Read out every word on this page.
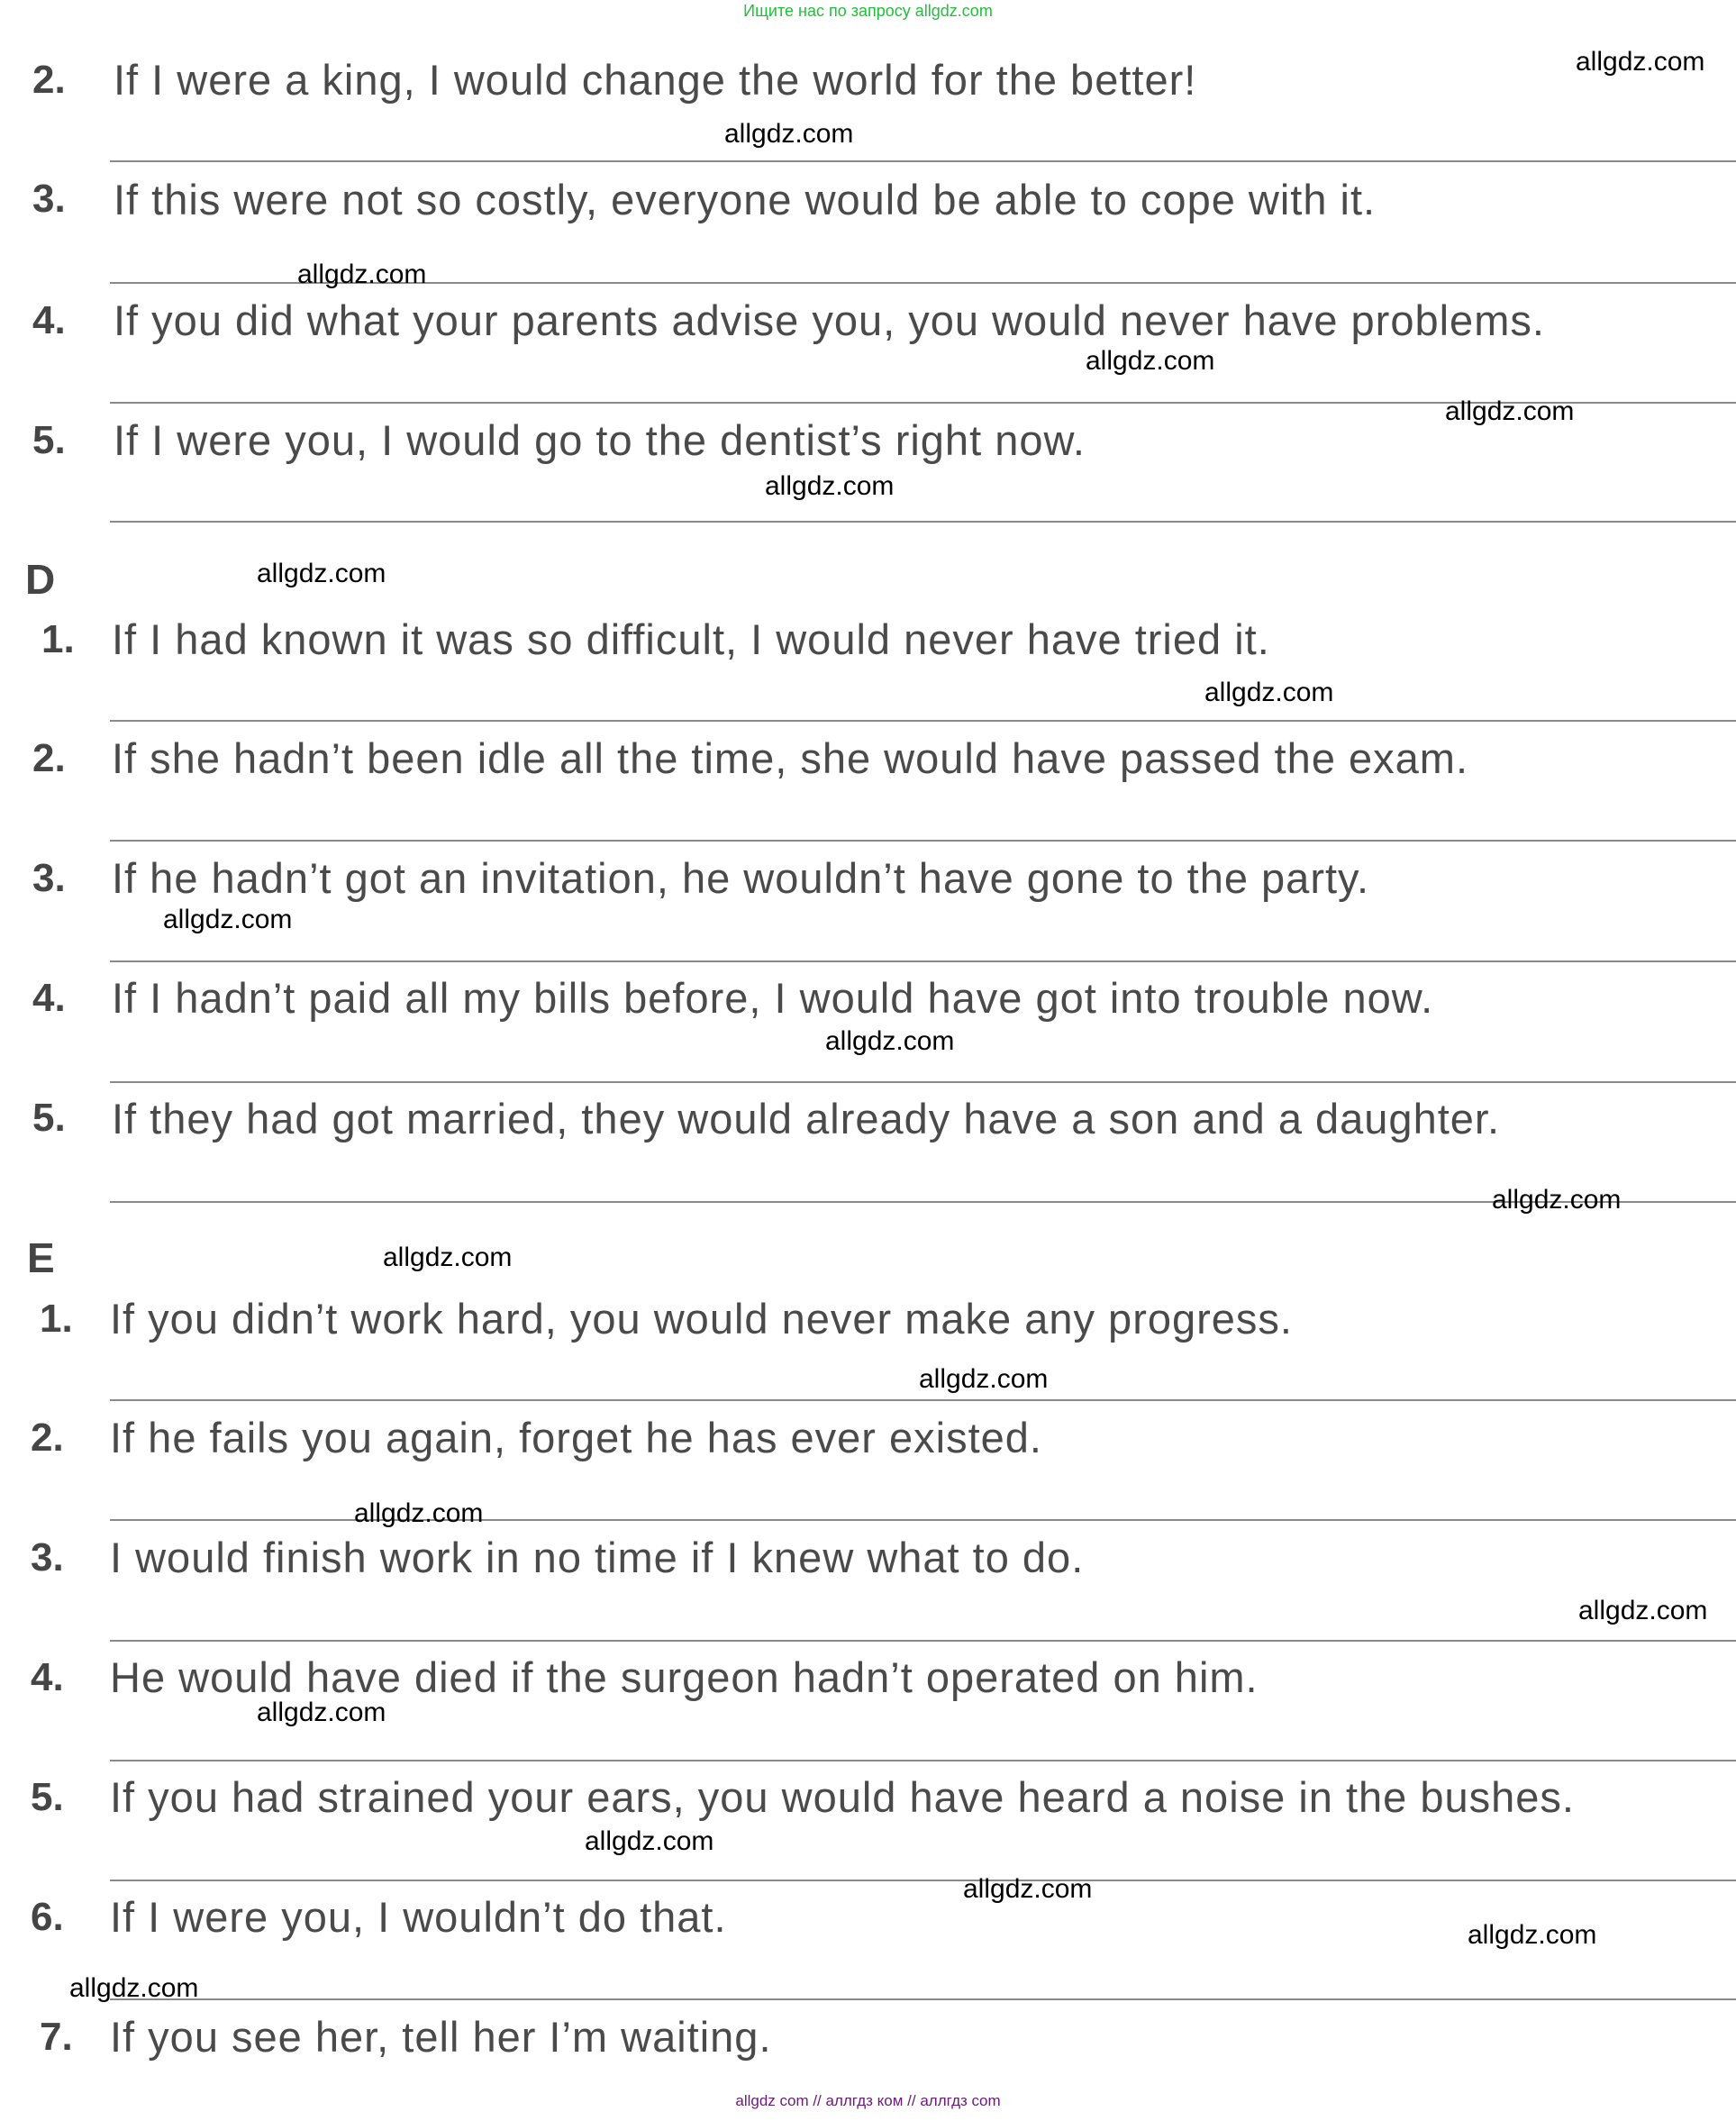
Ищите нас по запросу allgdz.com
2. If I were a king, I would change the world for the better!
3. If this were not so costly, everyone would be able to cope with it.
4. If you did what your parents advise you, you would never have problems.
5. If I were you, I would go to the dentist’s right now.
D
1. If I had known it was so difficult, I would never have tried it.
2. If she hadn’t been idle all the time, she would have passed the exam.
3. If he hadn’t got an invitation, he wouldn’t have gone to the party.
4. If I hadn’t paid all my bills before, I would have got into trouble now.
5. If they had got married, they would already have a son and a daughter.
E
1. If you didn’t work hard, you would never make any progress.
2. If he fails you again, forget he has ever existed.
3. I would finish work in no time if I knew what to do.
4. He would have died if the surgeon hadn’t operated on him.
5. If you had strained your ears, you would have heard a noise in the bushes.
6. If I were you, I wouldn’t do that.
7. If you see her, tell her I’m waiting.
allgdz.com
allgdz.com
allgdz.com
allgdz.com
allgdz.com
allgdz.com
allgdz.com
allgdz.com
allgdz.com
allgdz.com
allgdz.com
allgdz.com
allgdz.com
allgdz.com
allgdz.com
allgdz.com
allgdz.com
allgdz.com
allgdz.com
allgdz.com
allgdz com // аллгдз ком // аллгдз com
